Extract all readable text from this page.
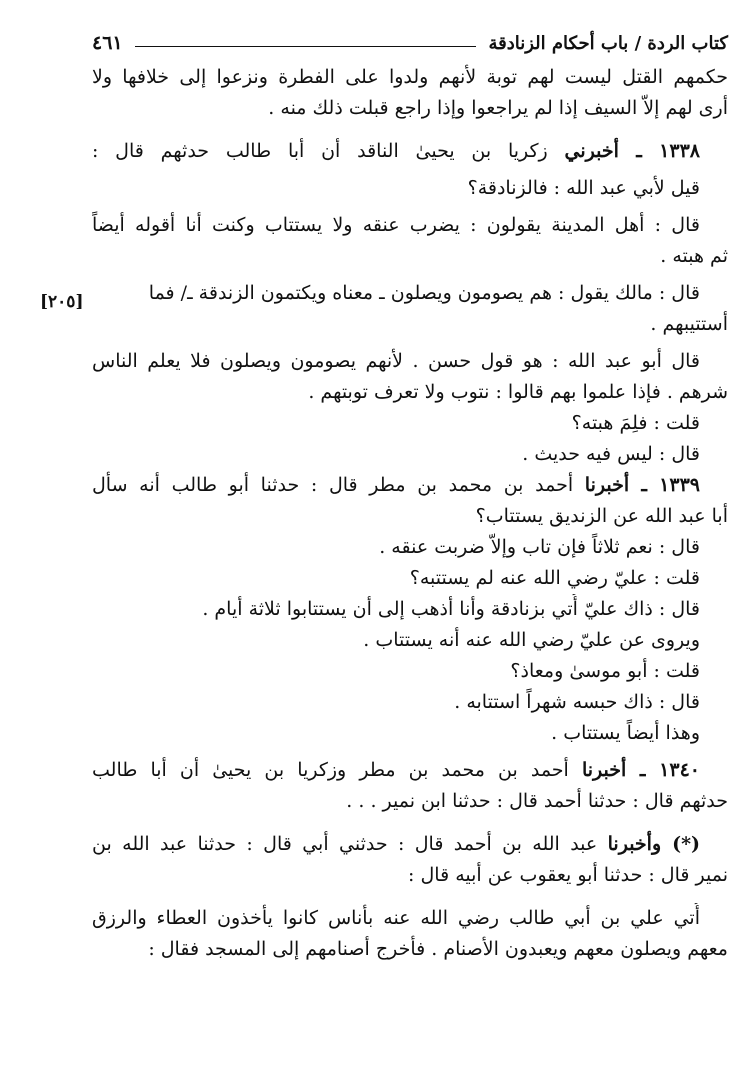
كتاب الردة / باب أحكام الزنادقة
٤٦١
[٢٠٥]
حكمهم القتل ليست لهم توبة لأنهم ولدوا على الفطرة ونزعوا إلى خلافها ولا
أرى لهم إلاّ السيف إذا لم يراجعوا وإذا راجع قبلت ذلك منه .
١٣٣٨ ـ أخبرني زكريا بن يحيىٰ الناقد أن أبا طالب حدثهم قال :
قيل لأبي عبد الله : فالزنادقة؟
قال : أهل المدينة يقولون : يضرب عنقه ولا يستتاب وكنت أنا أقوله أيضاً
ثم هبته .
قال : مالك يقول : هم يصومون ويصلون ـ معناه ويكتمون الزندقة ـ/ فما
أستتيبهم .
قال أبو عبد الله : هو قول حسن . لأنهم يصومون ويصلون فلا يعلم الناس
شرهم . فإذا علموا بهم قالوا : نتوب ولا تعرف توبتهم .
قلت : فلِمَ هبته؟
قال : ليس فيه حديث .
١٣٣٩ ـ أخبرنا أحمد بن محمد بن مطر قال : حدثنا أبو طالب أنه سأل
أبا عبد الله عن الزنديق يستتاب؟
قال : نعم ثلاثاً فإن تاب وإلاّ ضربت عنقه .
قلت : عليّ رضي الله عنه لم يستتبه؟
قال : ذاك عليّ أُتي بزنادقة وأنا أذهب إلى أن يستتابوا ثلاثة أيام .
ويروى عن عليّ رضي الله عنه أنه يستتاب .
قلت : أبو موسىٰ ومعاذ؟
قال : ذاك حبسه شهراً استتابه .
وهذا أيضاً يستتاب .
١٣٤٠ ـ أخبرنا أحمد بن محمد بن مطر وزكريا بن يحيىٰ أن أبا طالب
حدثهم قال : حدثنا أحمد قال : حدثنا ابن نمير . . .
(*) وأخبرنا عبد الله بن أحمد قال : حدثني أبي قال : حدثنا عبد الله بن
نمير قال : حدثنا أبو يعقوب عن أبيه قال :
أُتي علي بن أبي طالب رضي الله عنه بأناس كانوا يأخذون العطاء والرزق
معهم ويصلون معهم ويعبدون الأصنام . فأخرج أصنامهم إلى المسجد فقال :
